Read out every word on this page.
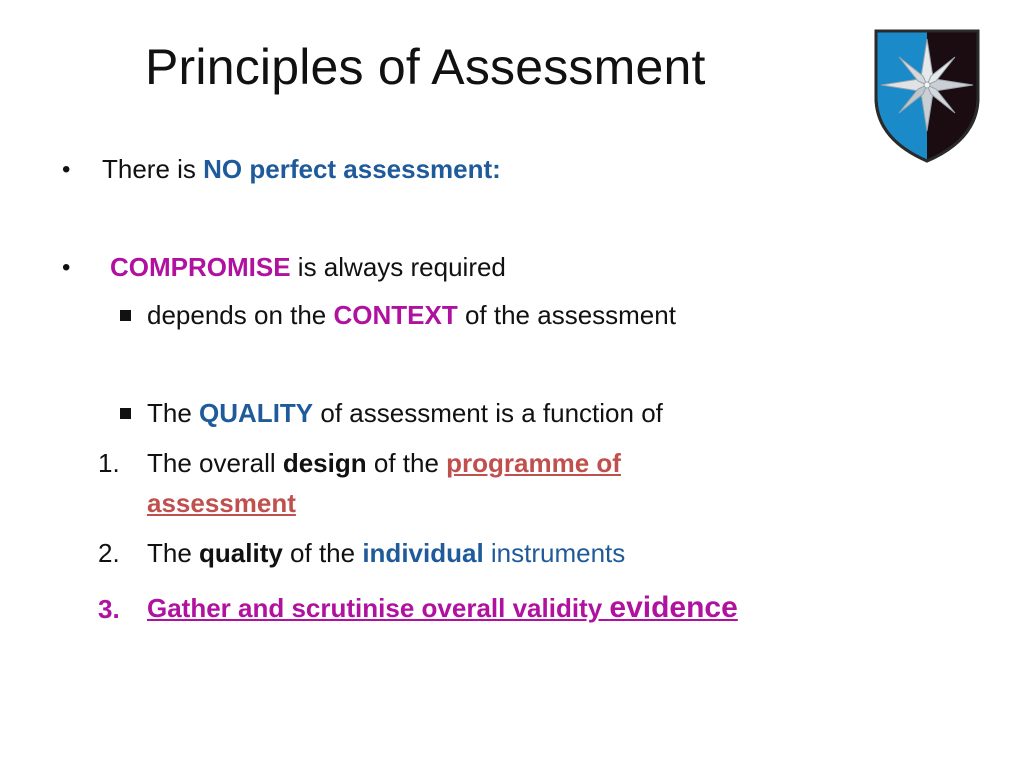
Principles of Assessment
• There is NO perfect assessment:
• COMPROMISE is always required
depends on the CONTEXT of the assessment
The QUALITY of assessment is a function of
1. The overall design of the programme of
assessment
2. The quality of the individual instruments
3. Gather and scrutinise overall validity evidence
